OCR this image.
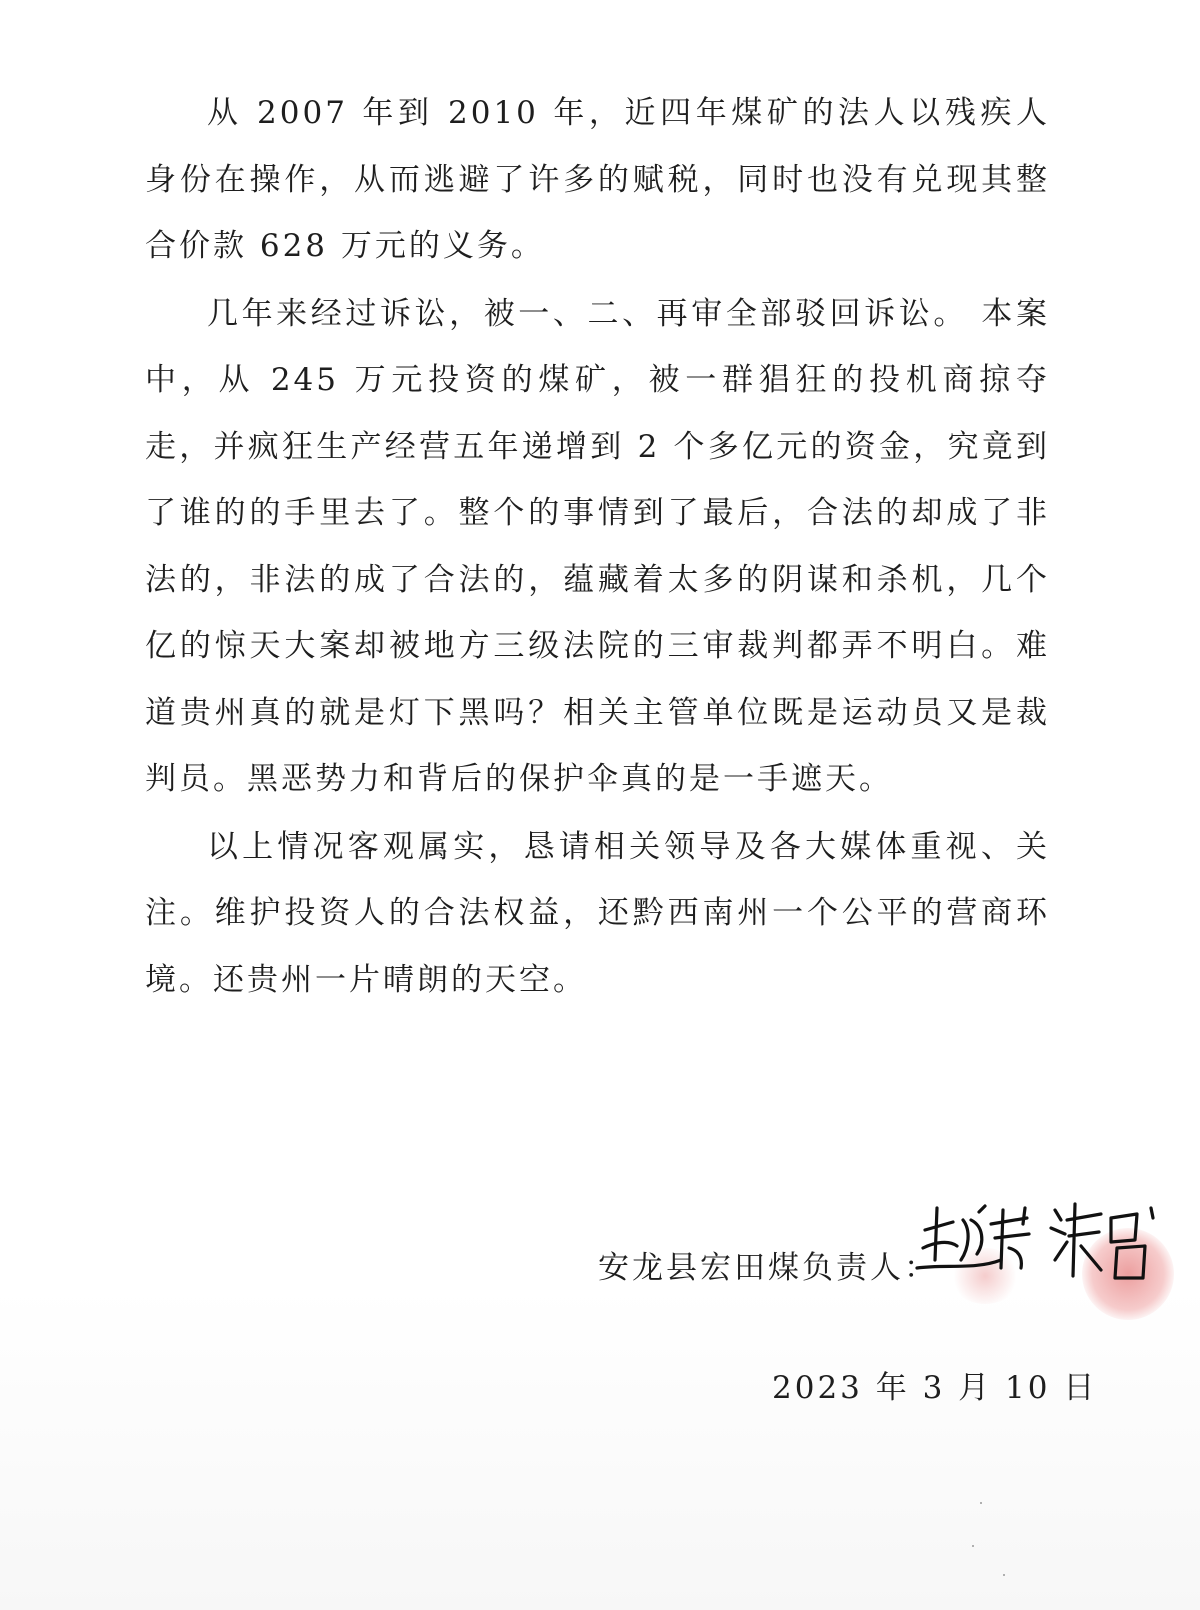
从 2007 年到 2010 年，近四年煤矿的法人以残疾人身份在操作，从而逃避了许多的赋税，同时也没有兑现其整合价款 628 万元的义务。

几年来经过诉讼，被一、二、再审全部驳回诉讼。 本案中，从 245 万元投资的煤矿，被一群猖狂的投机商掠夺走，并疯狂生产经营五年递增到 2 个多亿元的资金，究竟到了谁的的手里去了。整个的事情到了最后，合法的却成了非法的，非法的成了合法的，蕴藏着太多的阴谋和杀机，几个亿的惊天大案却被地方三级法院的三审裁判都弄不明白。难道贵州真的就是灯下黑吗？相关主管单位既是运动员又是裁判员。黑恶势力和背后的保护伞真的是一手遮天。

以上情况客观属实，恳请相关领导及各大媒体重视、关注。维护投资人的合法权益，还黔西南州一个公平的营商环境。还贵州一片晴朗的天空。

安龙县宏田煤负责人：
2023 年 3 月 10 日
